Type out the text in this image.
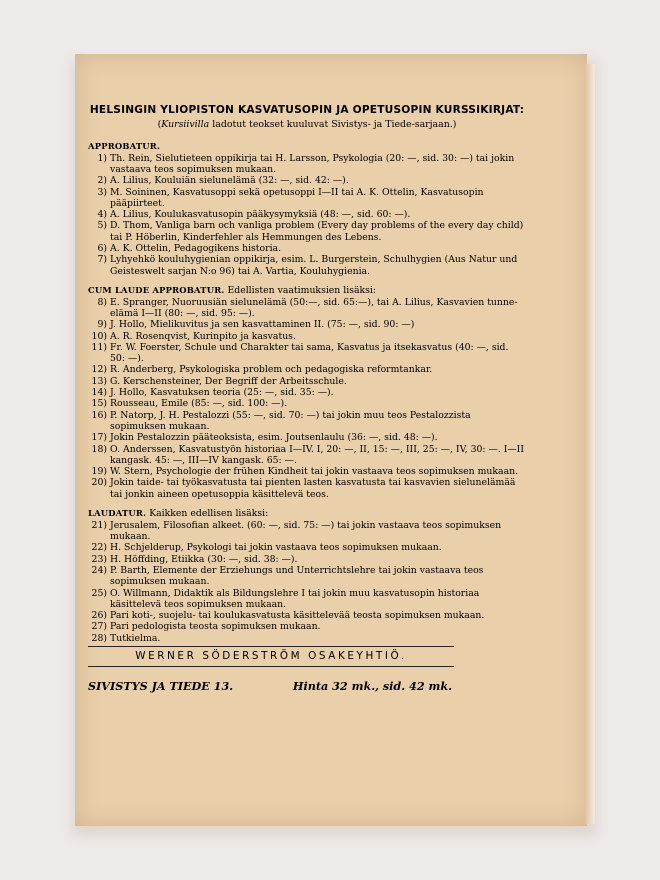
HELSINGIN YLIOPISTON KASVATUSOPIN JA OPETUSOPIN KURSSIKIRJAT:
(Kursiivilla ladotut teokset kuuluvat Sivistys- ja Tiede-sarjaan.)
APPROBATUR.
1) Th. Rein, Sielutieteen oppikirja tai H. Larsson, Psykologia (20: —, sid. 30: —) tai jokin vastaava teos sopimuksen mukaan.
2) A. Lilius, Kouluiän sielunelämä (32: —, sid. 42: —).
3) M. Soininen, Kasvatusoppi sekä opetusoppi I—II tai A. K. Ottelin, Kasvatusopin pääpiirteet.
4) A. Lilius, Koulukasvatusopin pääkysymyksiä (48: —, sid. 60: —).
5) D. Thom, Vanliga barn och vanliga problem (Every day problems of the every day child) tai P. Höberlin, Kinderfehler als Hemmungen des Lebens.
6) A. K. Ottelin, Pedagogikens historia.
7) Lyhyehkö kouluhygienian oppikirja, esim. L. Burgerstein, Schulhygien (Aus Natur und Geisteswelt sarjan N:o 96) tai A. Vartia, Kouluhygienia.
CUM LAUDE APPROBATUR. Edellisten vaatimuksien lisäksi:
8) E. Spranger, Nuoruusiän sielunelämä (50:—, sid. 65:—), tai A. Lilius, Kasvavien tunne-elämä I—II (80: —, sid. 95: —).
9) J. Hollo, Mielikuvitus ja sen kasvattaminen II. (75: —, sid. 90: —)
10) A. R. Rosenqvist, Kurinpito ja kasvatus.
11) Fr. W. Foerster, Schule und Charakter tai sama, Kasvatus ja itsekasvatus (40: —, sid. 50: —).
12) R. Anderberg, Psykologiska problem och pedagogiska reformtankar.
13) G. Kerschensteiner, Der Begriff der Arbeitsschule.
14) J. Hollo, Kasvatuksen teoria (25: —, sid. 35: —).
15) Rousseau, Emile (85: —, sid. 100: —).
16) P. Natorp, J. H. Pestalozzi (55: —, sid. 70: —) tai jokin muu teos Pestalozzista sopimuksen mukaan.
17) Jokin Pestalozzin pääteoksista, esim. Joutsenlaulu (36: —, sid. 48: —).
18) O. Anderssen, Kasvatustyön historiaa I—IV. I, 20: —, II, 15: —, III, 25: —, IV, 30: —. I—II kangask. 45: —, III—IV kangask. 65: —.
19) W. Stern, Psychologie der frühen Kindheit tai jokin vastaava teos sopimuksen mukaan.
20) Jokin taide- tai työkasvatusta tai pienten lasten kasvatusta tai kasvavien sielunelämää tai jonkin aineen opetusoppia käsittelevä teos.
LAUDATUR. Kaikken edellisen lisäksi:
21) Jerusalem, Filosofian alkeet. (60: —, sid. 75: —) tai jokin vastaava teos sopimuksen mukaan.
22) H. Schjelderup, Psykologi tai jokin vastaava teos sopimuksen mukaan.
23) H. Höffding, Etiikka (30: —, sid. 38: —).
24) P. Barth, Elemente der Erziehungs und Unterrichtslehre tai jokin vastaava teos sopimuksen mukaan.
25) O. Willmann, Didaktik als Bildungslehre I tai jokin muu kasvatusopin historiaa käsittelevä teos sopimuksen mukaan.
26) Pari koti-, suojelu- tai koulukasvatusta käsittelevää teosta sopimuksen mukaan.
27) Pari pedologista teosta sopimuksen mukaan.
28) Tutkielma.
WERNER SÖDERSTRÖM OSAKEYHTIÖ.
SIVISTYS JA TIEDE 13.	Hinta 32 mk., sid. 42 mk.
